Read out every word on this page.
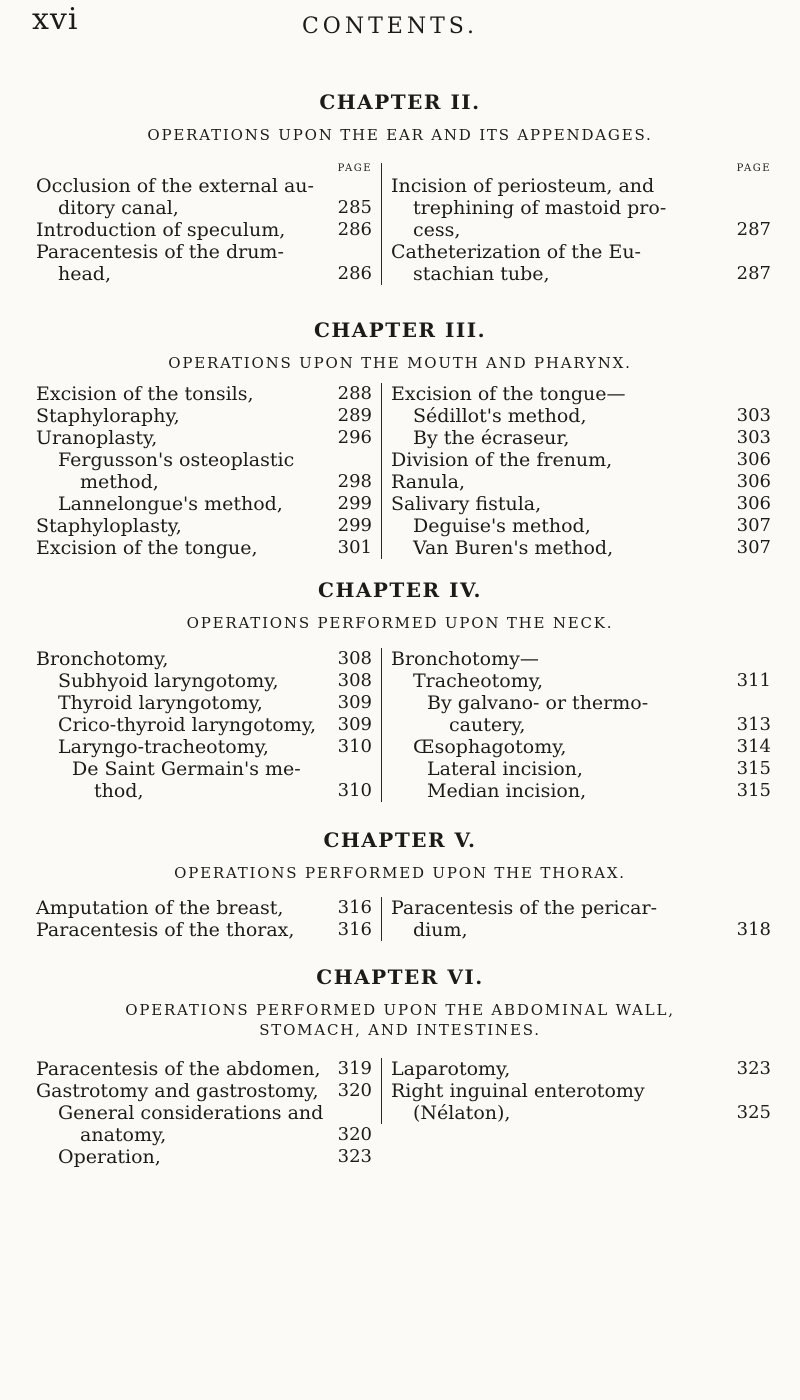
xvi	CONTENTS.
CHAPTER II.
OPERATIONS UPON THE EAR AND ITS APPENDAGES.
PAGE
Occlusion of the external au-
ditory canal,	285
Introduction of speculum,	286
Paracentesis of the drum-
head,	286
PAGE
Incision of periosteum, and
trephining of mastoid pro-
cess,	287
Catheterization of the Eu-
stachian tube,	287
CHAPTER III.
OPERATIONS UPON THE MOUTH AND PHARYNX.
Excision of the tonsils,	288
Staphyloraphy,	289
Uranoplasty,	296
Fergusson's osteoplastic
method,	298
Lannelongue's method,	299
Staphyloplasty,	299
Excision of the tongue,	301
Excision of the tongue—
Sédillot's method,	303
By the écraseur,	303
Division of the frenum,	306
Ranula,	306
Salivary fistula,	306
Deguise's method,	307
Van Buren's method,	307
CHAPTER IV.
OPERATIONS PERFORMED UPON THE NECK.
Bronchotomy,	308
Subhyoid laryngotomy,	308
Thyroid laryngotomy,	309
Crico-thyroid laryngotomy,	309
Laryngo-tracheotomy,	310
De Saint Germain's me-
thod,	310
Bronchotomy—
Tracheotomy,	311
By galvano- or thermo-
cautery,	313
Œsophagotomy,	314
Lateral incision,	315
Median incision,	315
CHAPTER V.
OPERATIONS PERFORMED UPON THE THORAX.
Amputation of the breast,	316
Paracentesis of the thorax,	316
Paracentesis of the pericar-
dium,	318
CHAPTER VI.
OPERATIONS PERFORMED UPON THE ABDOMINAL WALL,
STOMACH, AND INTESTINES.
Paracentesis of the abdomen, 319
Gastrotomy and gastrostomy,	320
General considerations and
anatomy,	320
Operation,	323
Laparotomy,	323
Right inguinal enterotomy
(Nélaton),	325
